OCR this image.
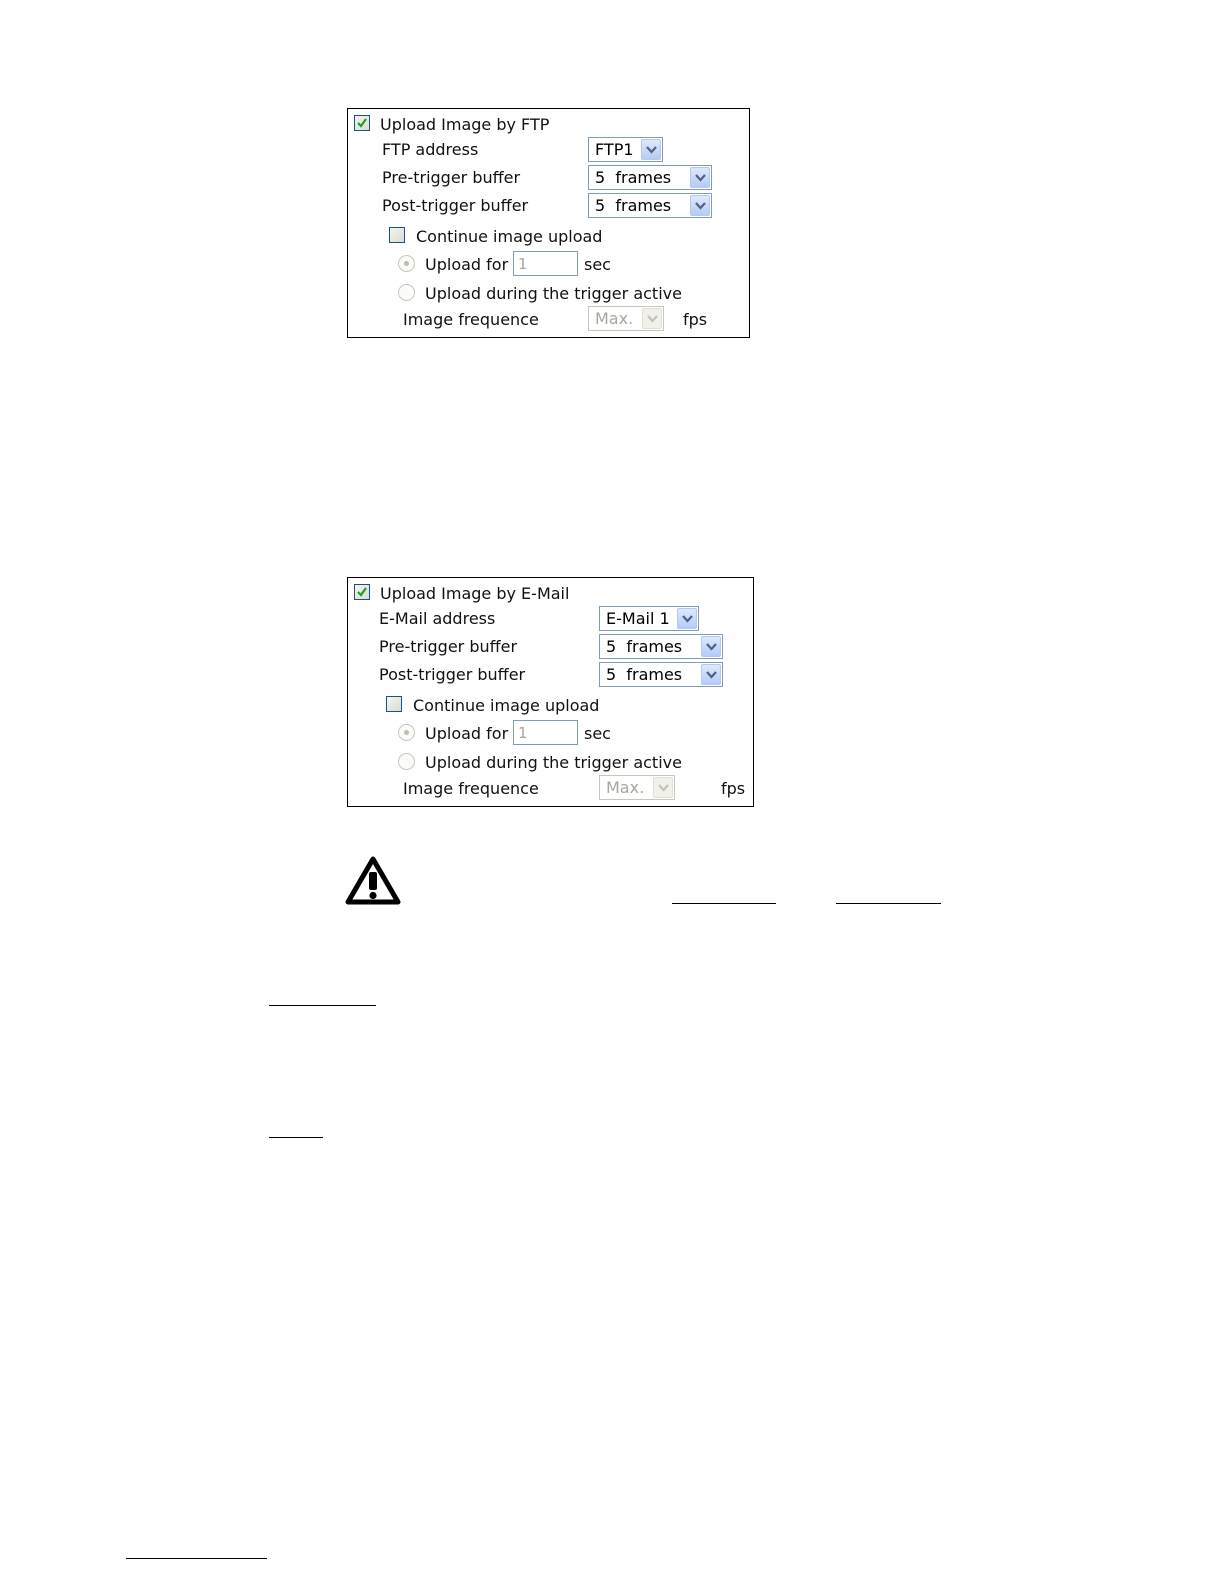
Upload Image by FTP
FTP address	FTP1
Pre-trigger buffer	5  frames
Post-trigger buffer	5  frames
Continue image upload
Upload for 1	sec
Upload during the trigger active
Image frequence	Max.	fps
Upload Image by E-Mail
E-Mail address	E-Mail 1
Pre-trigger buffer	5  frames
Post-trigger buffer	5  frames
Continue image upload
Upload for 1	sec
Upload during the trigger active
Image frequence	Max.	fps
